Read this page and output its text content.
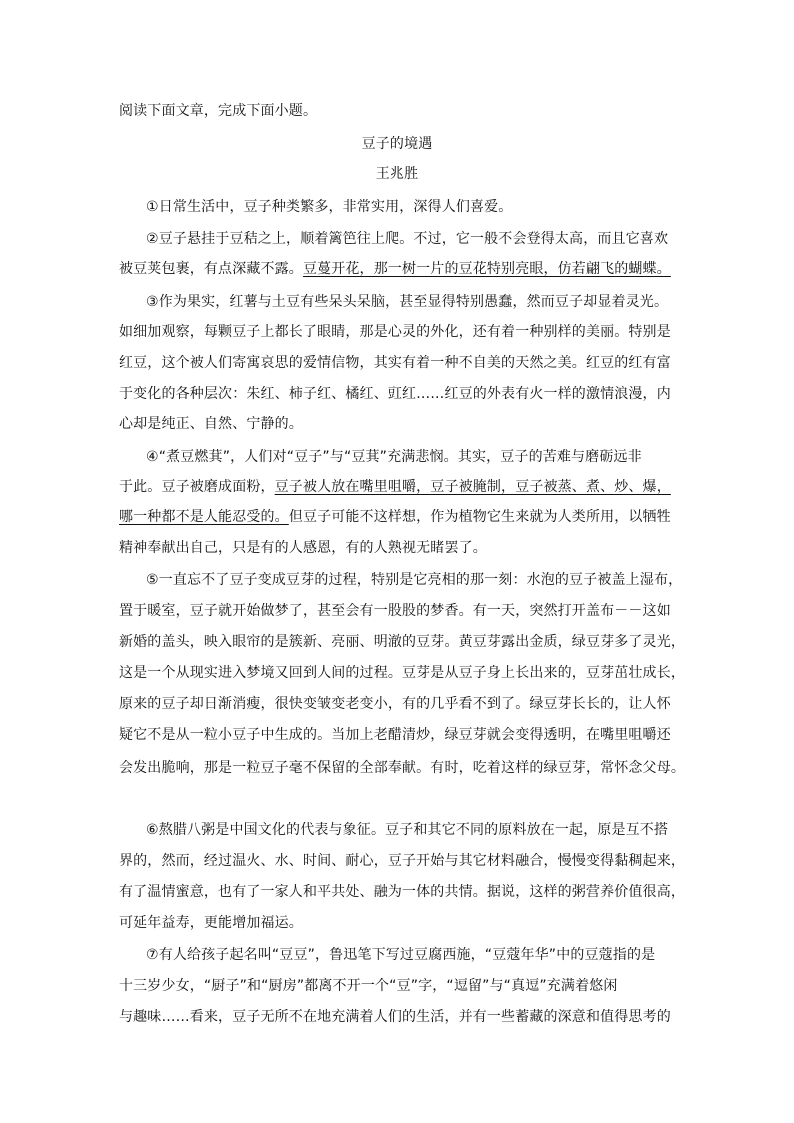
阅读下面文章，完成下面小题。
豆子的境遇
王兆胜
①日常生活中，豆子种类繁多，非常实用，深得人们喜爱。
②豆子悬挂于豆秸之上，顺着篱笆往上爬。不过，它一般不会登得太高，而且它喜欢
被豆荚包裹，有点深藏不露。豆蔓开花，那一树一片的豆花特别亮眼，仿若翩飞的蝴蝶。
③作为果实，红薯与土豆有些呆头呆脑，甚至显得特别愚蠢，然而豆子却显着灵光。
如细加观察，每颗豆子上都长了眼睛，那是心灵的外化，还有着一种别样的美丽。特别是
红豆，这个被人们寄寓哀思的爱情信物，其实有着一种不自美的天然之美。红豆的红有富
于变化的各种层次：朱红、柿子红、橘红、豇红……红豆的外表有火一样的激情浪漫，内
心却是纯正、自然、宁静的。
④“煮豆燃萁”，人们对“豆子”与“豆萁”充满悲悯。其实，豆子的苦难与磨砺远非
于此。豆子被磨成面粉，豆子被人放在嘴里咀嚼，豆子被腌制，豆子被蒸、煮、炒、爆，
哪一种都不是人能忍受的。但豆子可能不这样想，作为植物它生来就为人类所用，以牺牲
精神奉献出自己，只是有的人感恩，有的人熟视无睹罢了。
⑤一直忘不了豆子变成豆芽的过程，特别是它亮相的那一刻：水泡的豆子被盖上湿布，
置于暖室，豆子就开始做梦了，甚至会有一股股的梦香。有一天，突然打开盖布－－这如
新婚的盖头，映入眼帘的是簇新、亮丽、明澈的豆芽。黄豆芽露出金质，绿豆芽多了灵光，
这是一个从现实进入梦境又回到人间的过程。豆芽是从豆子身上长出来的，豆芽茁壮成长，
原来的豆子却日渐消瘦，很快变皱变老变小，有的几乎看不到了。绿豆芽长长的，让人怀
疑它不是从一粒小豆子中生成的。当加上老醋清炒，绿豆芽就会变得透明，在嘴里咀嚼还
会发出脆响，那是一粒豆子毫不保留的全部奉献。有时，吃着这样的绿豆芽，常怀念父母。
⑥熬腊八粥是中国文化的代表与象征。豆子和其它不同的原料放在一起，原是互不搭
界的，然而，经过温火、水、时间、耐心，豆子开始与其它材料融合，慢慢变得黏稠起来，
有了温情蜜意，也有了一家人和平共处、融为一体的共情。据说，这样的粥营养价值很高，
可延年益寿，更能增加福运。
⑦有人给孩子起名叫“豆豆”，鲁迅笔下写过豆腐西施，“豆蔻年华”中的豆蔻指的是
十三岁少女，“厨子”和“厨房”都离不开一个“豆”字，“逗留”与“真逗”充满着悠闲
与趣味……看来，豆子无所不在地充满着人们的生活，并有一些蓄藏的深意和值得思考的
